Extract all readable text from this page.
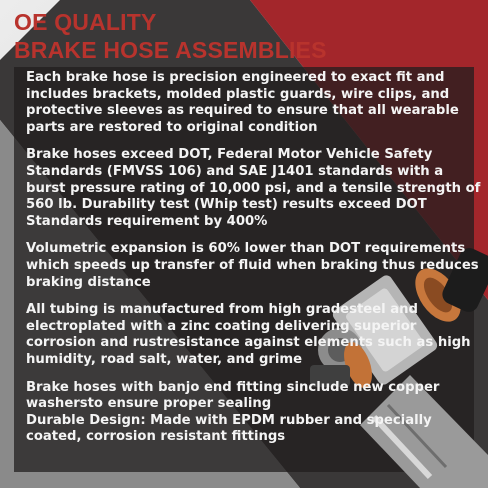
OE QUALITY
BRAKE HOSE ASSEMBLIES

Each brake hose is precision engineered to exact fit and includes brackets, molded plastic guards, wire clips, and protective sleeves as required to ensure that all wearable parts are restored to original condition

Brake hoses exceed DOT, Federal Motor Vehicle Safety Standards (FMVSS 106) and SAE J1401 standards with a burst pressure rating of 10,000 psi, and a tensile strength of 560 lb. Durability test (Whip test) results exceed DOT Standards requirement by 400%

Volumetric expansion is 60% lower than DOT requirements which speeds up transfer of fluid when braking thus reduces braking distance

All tubing is manufactured from high gradesteel and electroplated with a zinc coating delivering superior corrosion and rustresistance against elements such as high humidity, road salt, water, and grime

Brake hoses with banjo end fitting sinclude new copper washersto ensure proper sealing

Durable Design: Made with EPDM rubber and specially coated, corrosion resistant fittings
